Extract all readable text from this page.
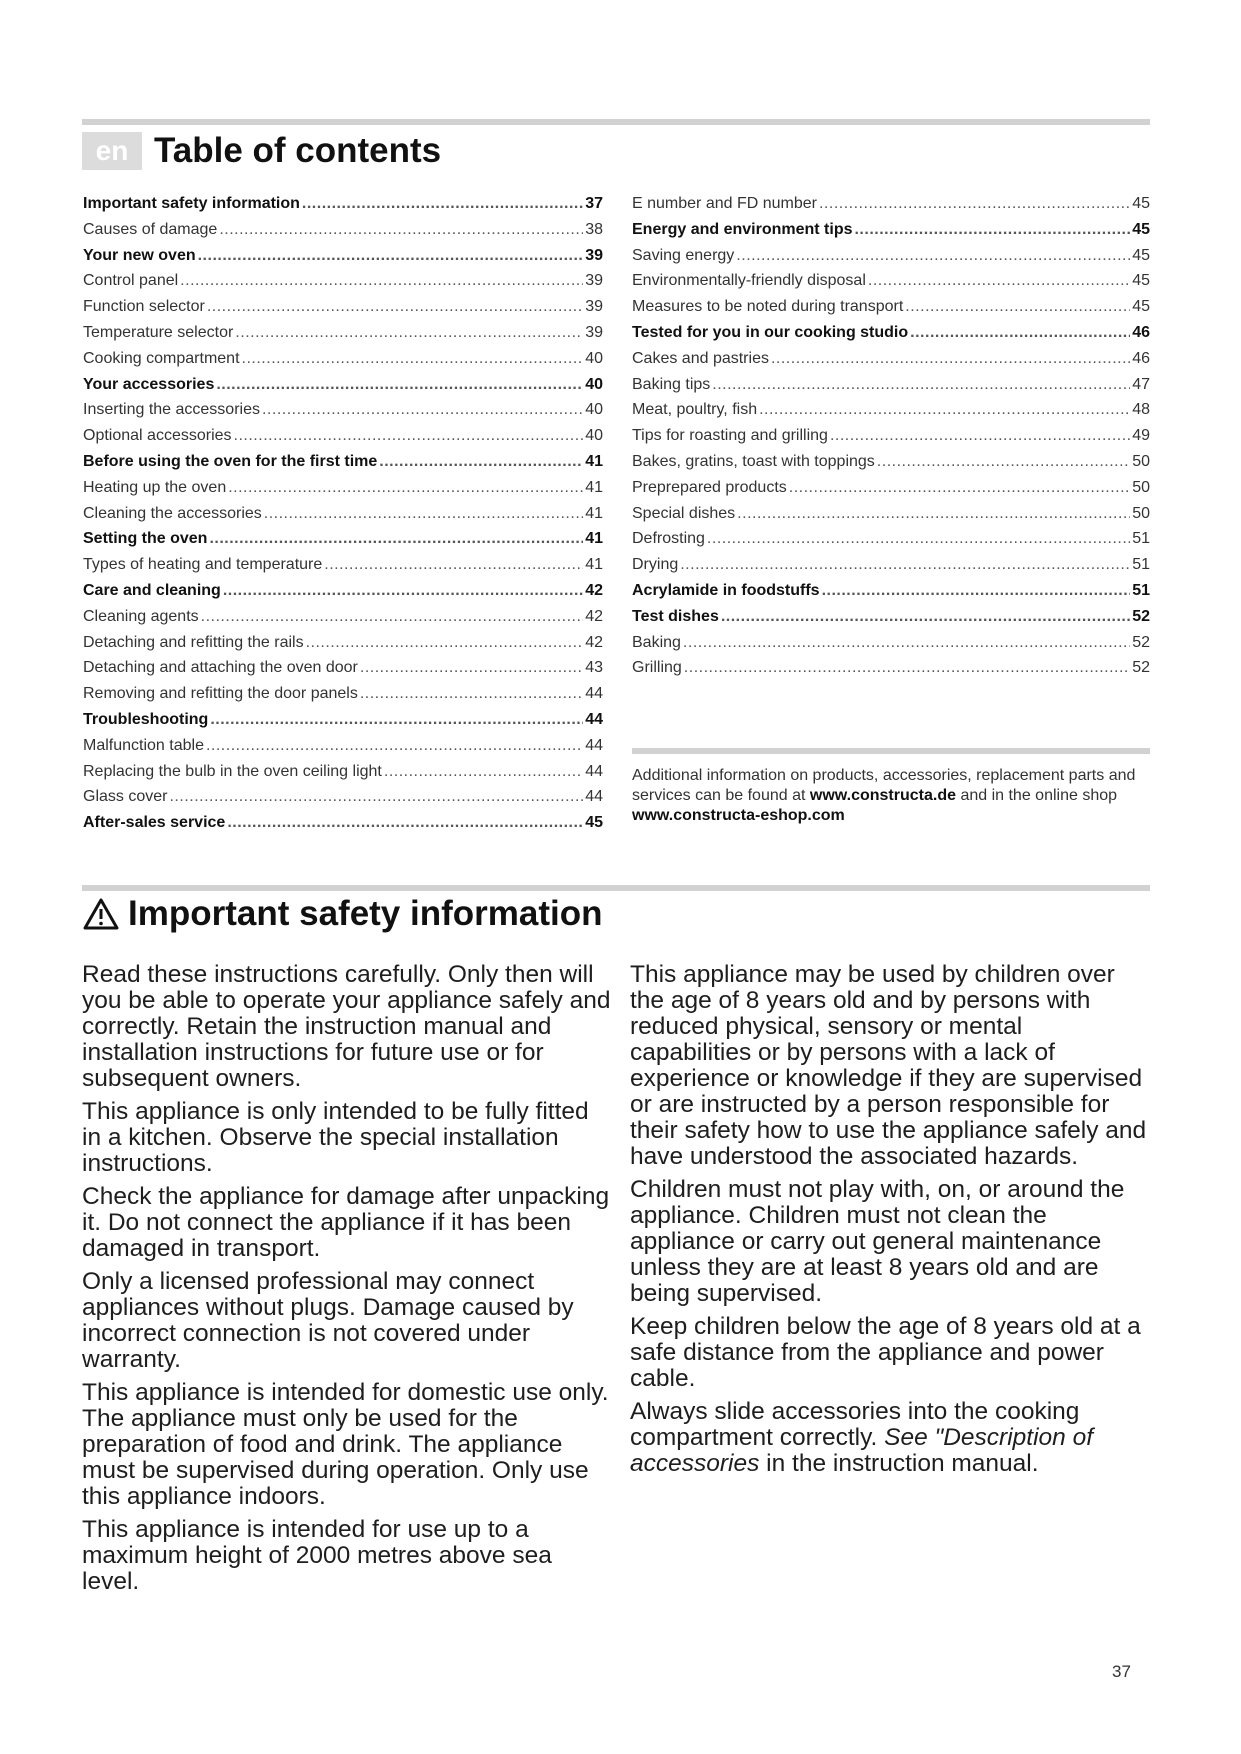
en Table of contents
Important safety information .....	37
Causes of damage .....	38
Your new oven .....	39
Control panel .....	39
Function selector .....	39
Temperature selector .....	39
Cooking compartment .....	40
Your accessories .....	40
Inserting the accessories .....	40
Optional accessories .....	40
Before using the oven for the first time .....	41
Heating up the oven .....	41
Cleaning the accessories .....	41
Setting the oven .....	41
Types of heating and temperature .....	41
Care and cleaning .....	42
Cleaning agents .....	42
Detaching and refitting the rails .....	42
Detaching and attaching the oven door .....	43
Removing and refitting the door panels .....	44
Troubleshooting .....	44
Malfunction table .....	44
Replacing the bulb in the oven ceiling light .....	44
Glass cover .....	44
After-sales service .....	45
E number and FD number .....	45
Energy and environment tips .....	45
Saving energy .....	45
Environmentally-friendly disposal .....	45
Measures to be noted during transport .....	45
Tested for you in our cooking studio .....	46
Cakes and pastries .....	46
Baking tips .....	47
Meat, poultry, fish .....	48
Tips for roasting and grilling .....	49
Bakes, gratins, toast with toppings .....	50
Preprepared products .....	50
Special dishes .....	50
Defrosting .....	51
Drying .....	51
Acrylamide in foodstuffs .....	51
Test dishes .....	52
Baking .....	52
Grilling .....	52
Additional information on products, accessories, replacement parts and services can be found at www.constructa.de and in the online shop www.constructa-eshop.com
Important safety information

Read these instructions carefully. Only then will you be able to operate your appliance safely and correctly. Retain the instruction manual and installation instructions for future use or for subsequent owners.

This appliance is only intended to be fully fitted in a kitchen. Observe the special installation instructions.

Check the appliance for damage after unpacking it. Do not connect the appliance if it has been damaged in transport.

Only a licensed professional may connect appliances without plugs. Damage caused by incorrect connection is not covered under warranty.

This appliance is intended for domestic use only. The appliance must only be used for the preparation of food and drink. The appliance must be supervised during operation. Only use this appliance indoors.

This appliance is intended for use up to a maximum height of 2000 metres above sea level.

This appliance may be used by children over the age of 8 years old and by persons with reduced physical, sensory or mental capabilities or by persons with a lack of experience or knowledge if they are supervised or are instructed by a person responsible for their safety how to use the appliance safely and have understood the associated hazards.

Children must not play with, on, or around the appliance. Children must not clean the appliance or carry out general maintenance unless they are at least 8 years old and are being supervised.

Keep children below the age of 8 years old at a safe distance from the appliance and power cable.

Always slide accessories into the cooking compartment correctly. See "Description of accessories in the instruction manual.

37
